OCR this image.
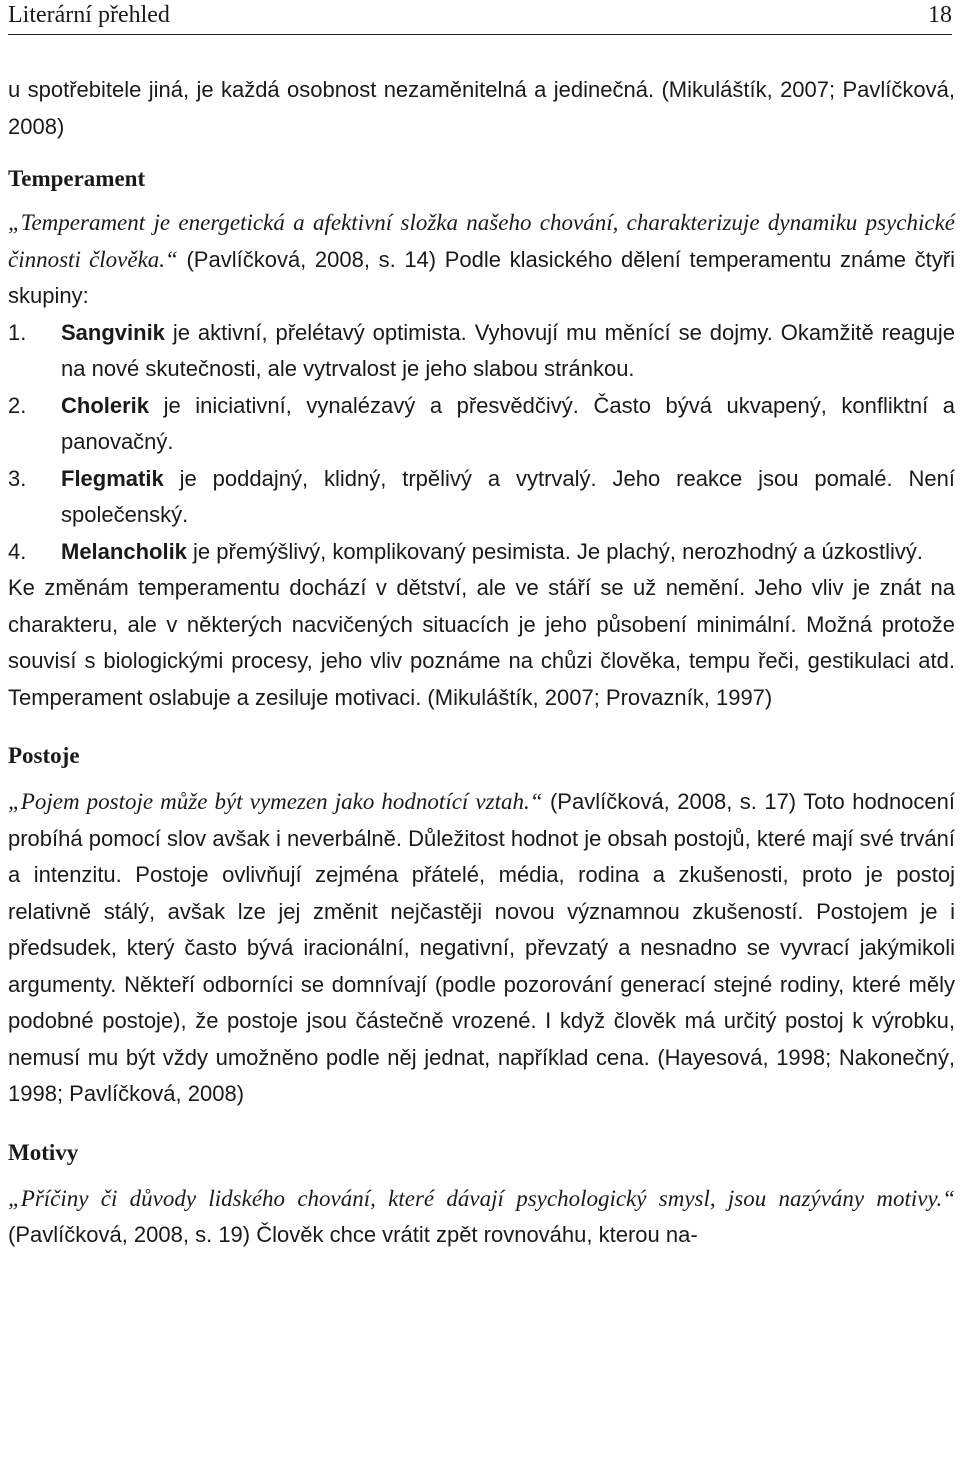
Literární přehled	18

u spotřebitele jiná, je každá osobnost nezaměnitelná a jedinečná. (Mikuláštík, 2007; Pavlíčková, 2008)

Temperament

„Temperament je energetická a afektivní složka našeho chování, charakterizuje dynamiku psychické činnosti člověka.“ (Pavlíčková, 2008, s. 14) Podle klasického dělení temperamentu známe čtyři skupiny:

1. Sangvinik je aktivní, přelétavý optimista. Vyhovují mu měnící se dojmy. Okamžitě reaguje na nové skutečnosti, ale vytrvalost je jeho slabou stránkou.
2. Cholerik je iniciativní, vynalézavý a přesvědčivý. Často bývá ukvapený, konfliktní a panovačný.
3. Flegmatik je poddajný, klidný, trpělivý a vytrvalý. Jeho reakce jsou pomalé. Není společenský.
4. Melancholik je přemýšlivý, komplikovaný pesimista. Je plachý, nerozhodný a úzkostlivý.

Ke změnám temperamentu dochází v dětství, ale ve stáří se už nemění. Jeho vliv je znát na charakteru, ale v některých nacvičených situacích je jeho působení minimální. Možná protože souvisí s biologickými procesy, jeho vliv poznáme na chůzi člověka, tempu řeči, gestikulaci atd. Temperament oslabuje a zesiluje motivaci. (Mikuláštík, 2007; Provazník, 1997)

Postoje

„Pojem postoje může být vymezen jako hodnotící vztah.“ (Pavlíčková, 2008, s. 17) Toto hodnocení probíhá pomocí slov avšak i neverbálně. Důležitost hodnot je obsah postojů, které mají své trvání a intenzitu. Postoje ovlivňují zejména přátelé, média, rodina a zkušenosti, proto je postoj relativně stálý, avšak lze jej změnit nejčastěji novou významnou zkušeností. Postojem je i předsudek, který často bývá iracionální, negativní, převzatý a nesnadno se vyvrací jakýmikoli argumenty. Někteří odborníci se domnívají (podle pozorování generací stejné rodiny, které měly podobné postoje), že postoje jsou částečně vrozené. I když člověk má určitý postoj k výrobku, nemusí mu být vždy umožněno podle něj jednat, například cena. (Hayesová, 1998; Nakonečný, 1998; Pavlíčková, 2008)

Motivy

„Příčiny či důvody lidského chování, které dávají psychologický smysl, jsou nazývány motivy.“ (Pavlíčková, 2008, s. 19) Člověk chce vrátit zpět rovnováhu, kterou na-
